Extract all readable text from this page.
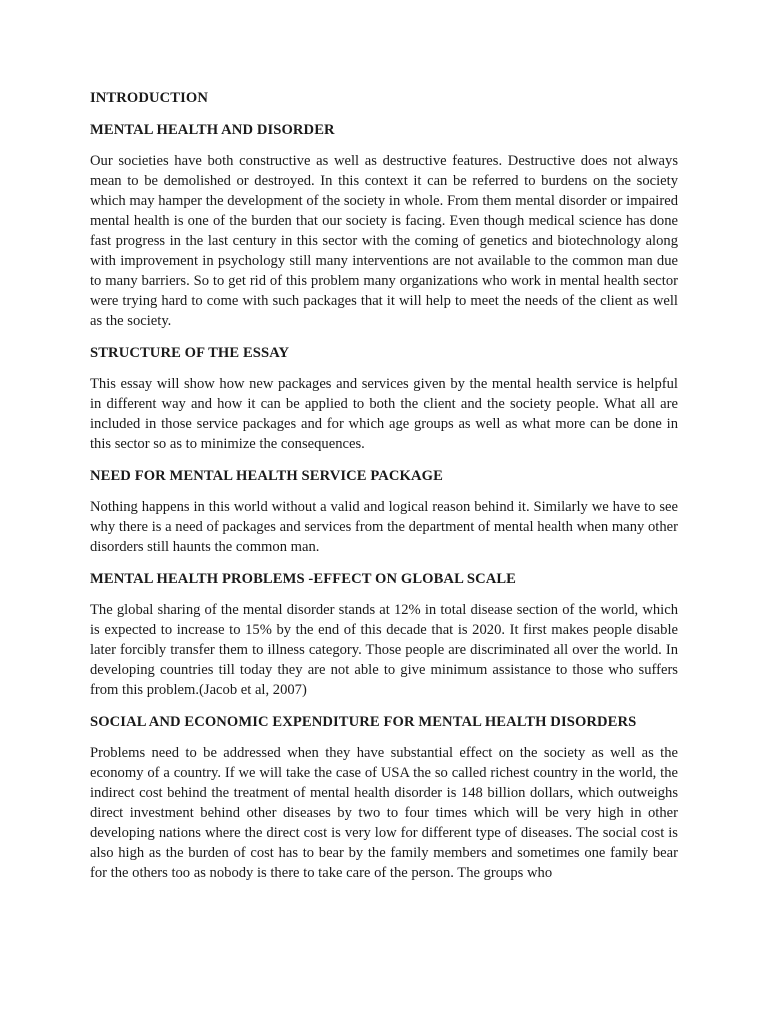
INTRODUCTION
MENTAL HEALTH AND DISORDER

Our societies have both constructive as well as destructive features. Destructive does not always mean to be demolished or destroyed. In this context it can be referred to burdens on the society which may hamper the development of the society in whole. From them mental disorder or impaired mental health is one of the burden that our society is facing. Even though medical science has done fast progress in the last century in this sector with the coming of genetics and biotechnology along with improvement in psychology still many interventions are not available to the common man due to many barriers. So to get rid of this problem many organizations who work in mental health sector were trying hard to come with such packages that it will help to meet the needs of the client as well as the society.

STRUCTURE OF THE ESSAY

This essay will show how new packages and services given by the mental health service is helpful in different way and how it can be applied to both the client and the society people. What all are included in those service packages and for which age groups as well as what more can be done in this sector so as to minimize the consequences.

NEED FOR MENTAL HEALTH SERVICE PACKAGE

Nothing happens in this world without a valid and logical reason behind it. Similarly we have to see why there is a need of packages and services from the department of mental health when many other disorders still haunts the common man.

MENTAL HEALTH PROBLEMS -EFFECT ON GLOBAL SCALE

The global sharing of the mental disorder stands at 12% in total disease section of the world, which is expected to increase to 15% by the end of this decade that is 2020. It first makes people disable later forcibly transfer them to illness category. Those people are discriminated all over the world. In developing countries till today they are not able to give minimum assistance to those who suffers from this problem.(Jacob et al, 2007)

SOCIAL AND ECONOMIC EXPENDITURE FOR MENTAL HEALTH DISORDERS

Problems need to be addressed when they have substantial effect on the society as well as the economy of a country. If we will take the case of USA the so called richest country in the world, the indirect cost behind the treatment of mental health disorder is 148 billion dollars, which outweighs direct investment behind other diseases by two to four times which will be very high in other developing nations where the direct cost is very low for different type of diseases. The social cost is also high as the burden of cost has to bear by the family members and sometimes one family bear for the others too as nobody is there to take care of the person. The groups who
